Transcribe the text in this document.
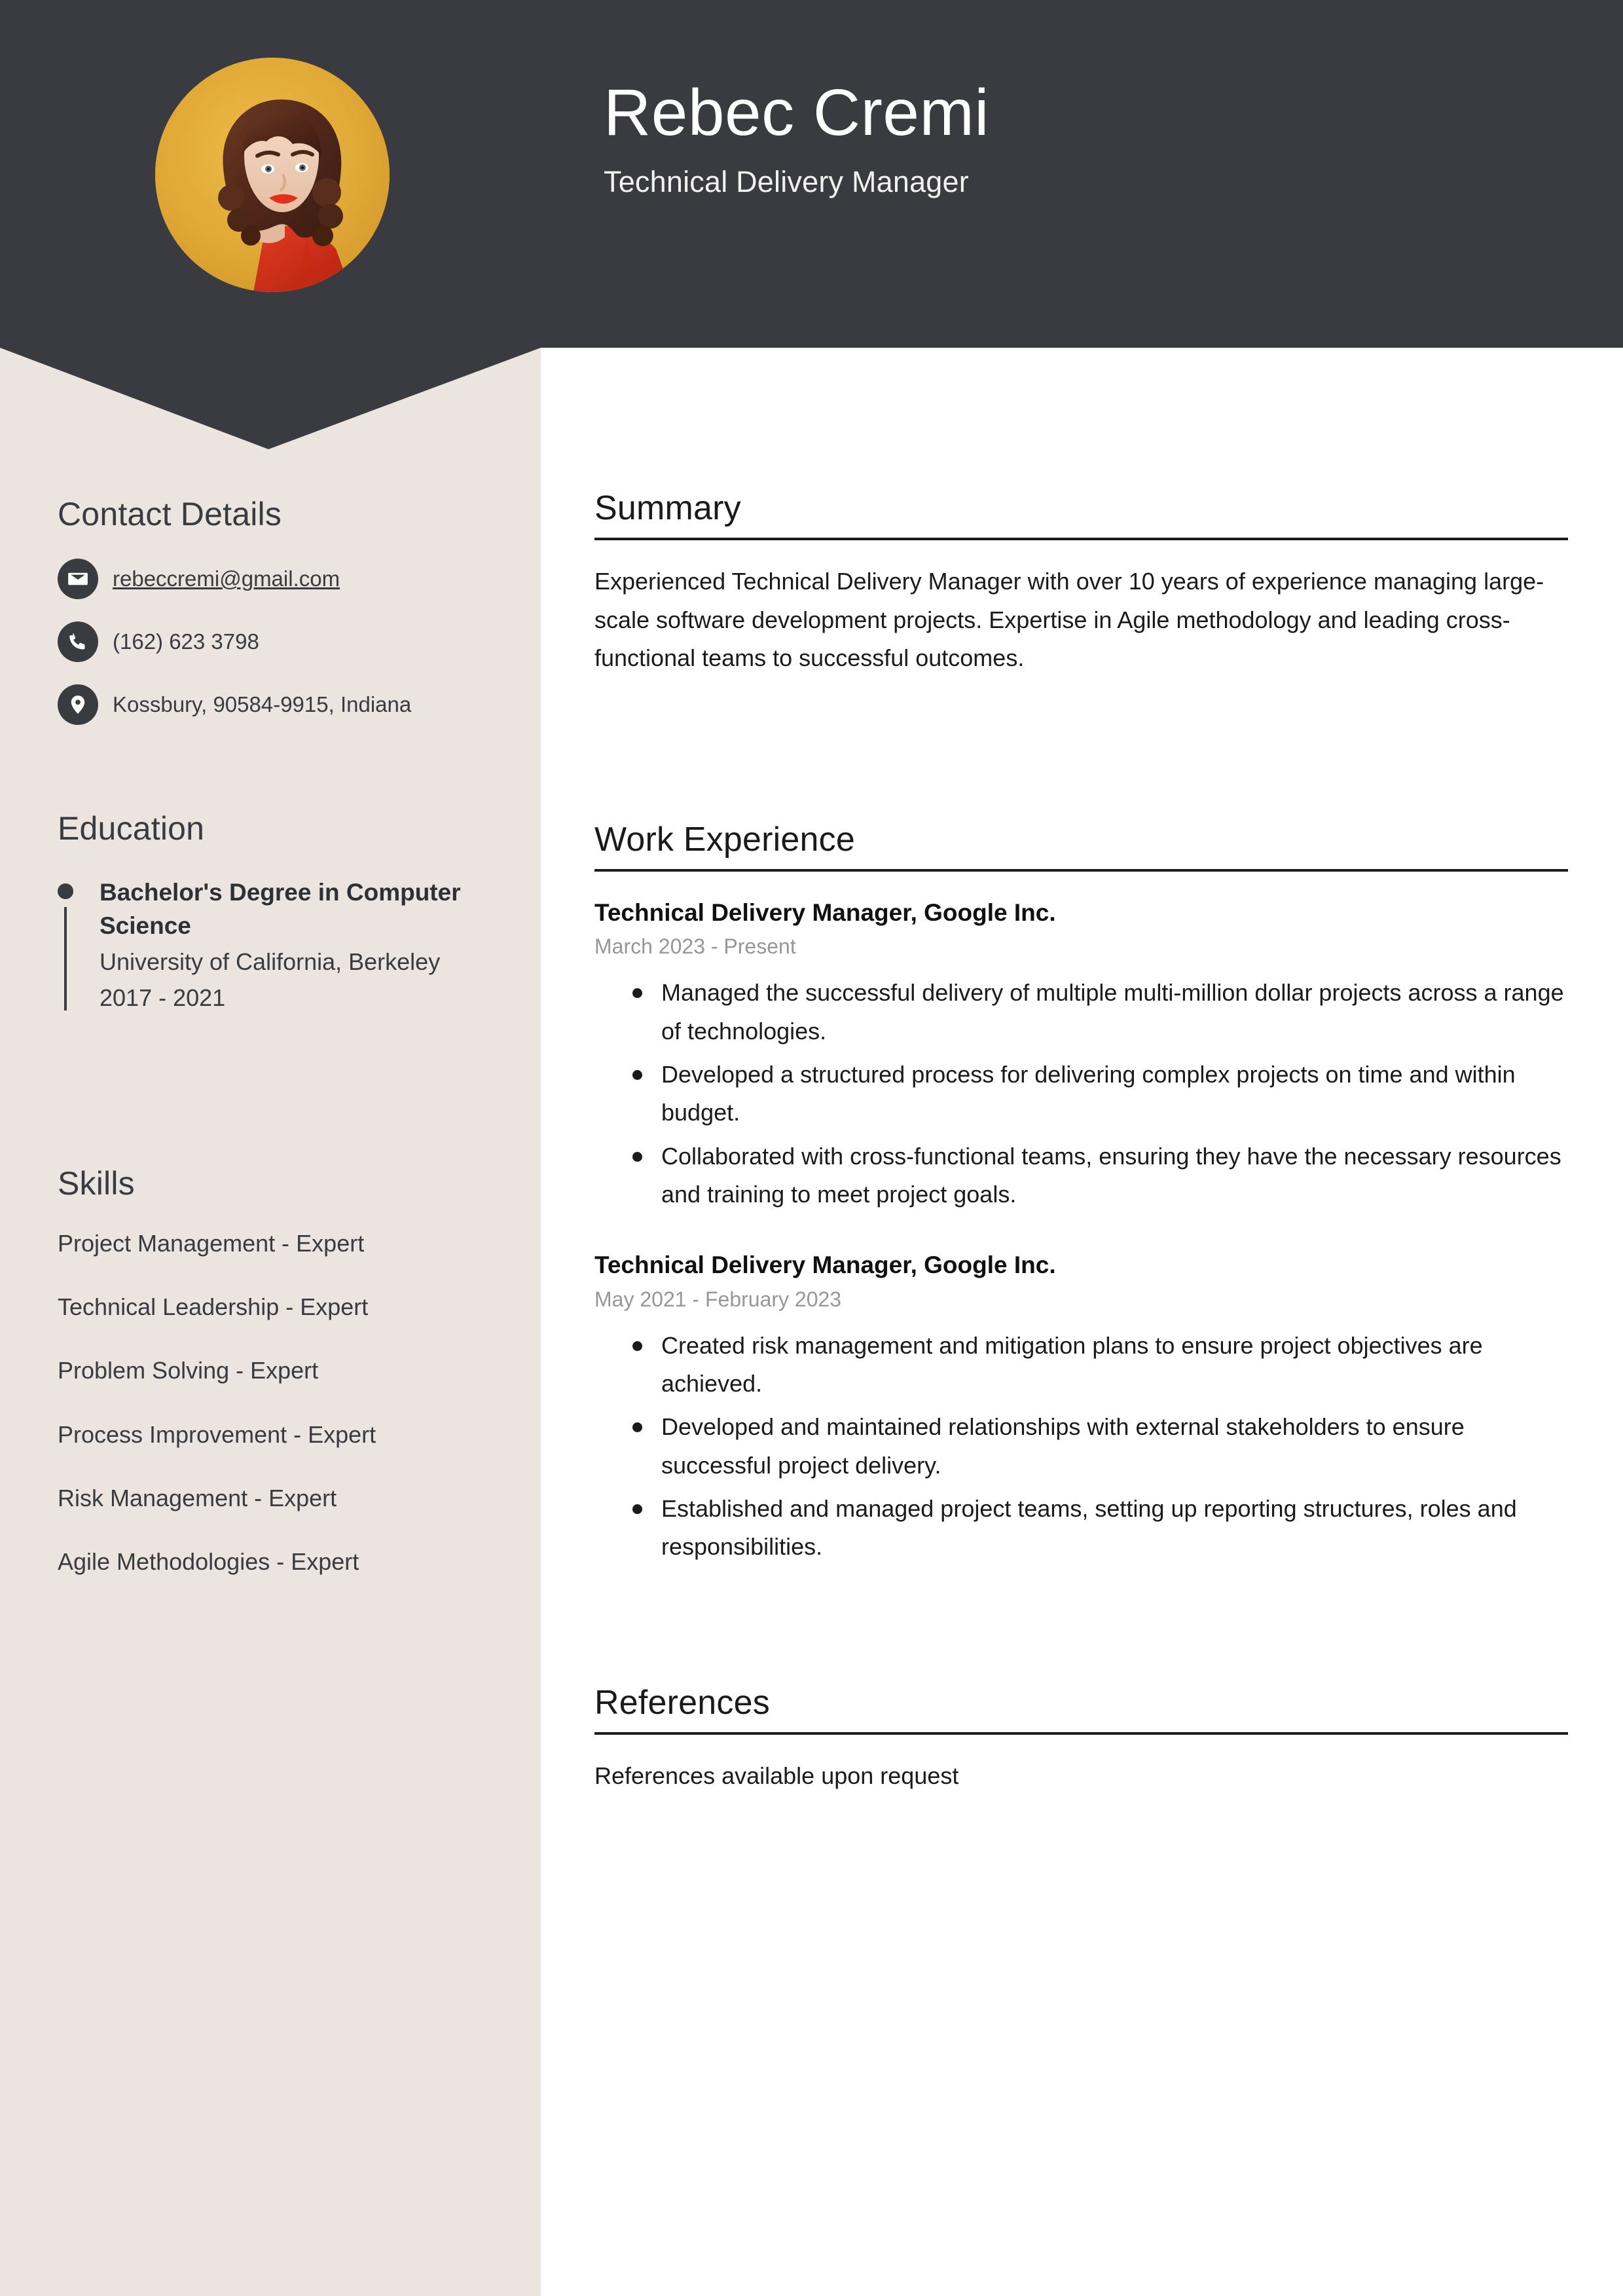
Rebec Cremi
Technical Delivery Manager
Contact Details
rebeccremi@gmail.com
(162) 623 3798
Kossbury, 90584-9915, Indiana
Education
Bachelor's Degree in Computer Science
University of California, Berkeley
2017 - 2021
Skills
Project Management - Expert
Technical Leadership - Expert
Problem Solving - Expert
Process Improvement - Expert
Risk Management - Expert
Agile Methodologies - Expert
Summary

Experienced Technical Delivery Manager with over 10 years of experience managing large-scale software development projects. Expertise in Agile methodology and leading cross-functional teams to successful outcomes.

Work Experience
Technical Delivery Manager, Google Inc.
March 2023 - Present
Managed the successful delivery of multiple multi-million dollar projects across a range of technologies.
Developed a structured process for delivering complex projects on time and within budget.
Collaborated with cross-functional teams, ensuring they have the necessary resources and training to meet project goals.
Technical Delivery Manager, Google Inc.
May 2021 - February 2023
Created risk management and mitigation plans to ensure project objectives are achieved.
Developed and maintained relationships with external stakeholders to ensure successful project delivery.
Established and managed project teams, setting up reporting structures, roles and responsibilities.
References

References available upon request
